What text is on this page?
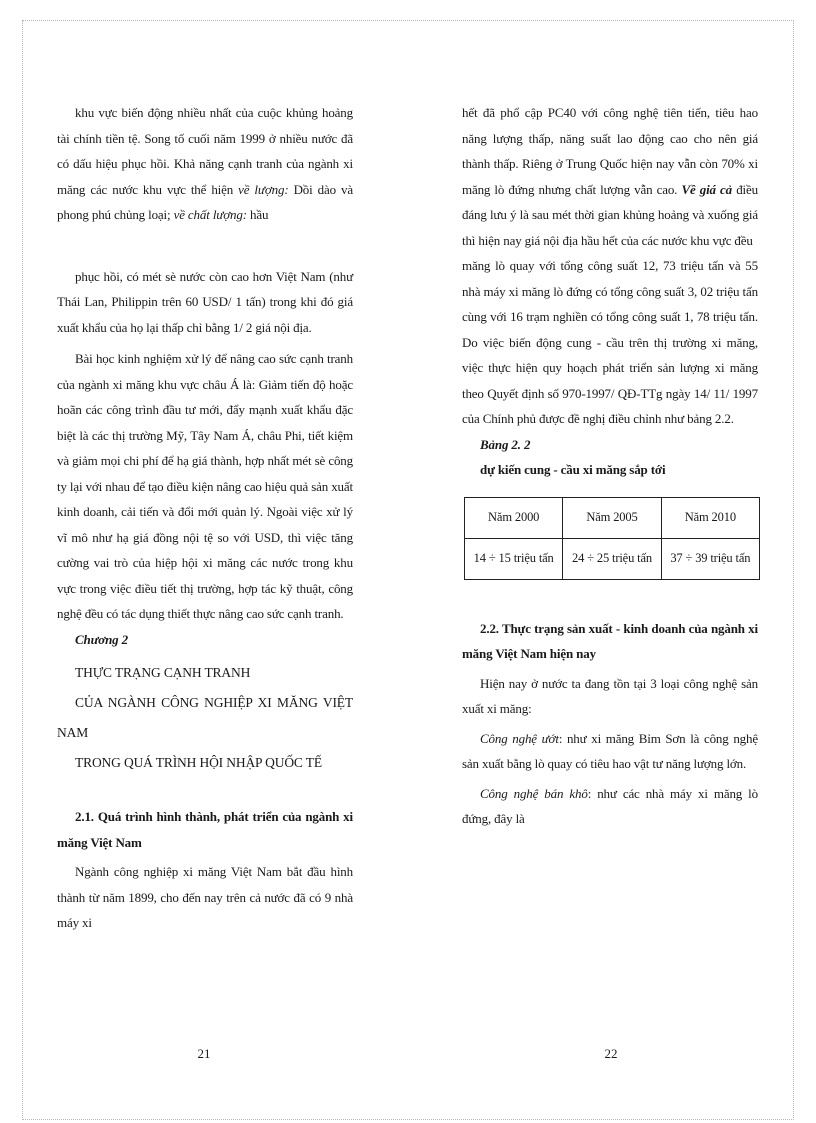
khu vực biến động nhiều nhất của cuộc khủng hoảng tài chính tiền tệ. Song tố cuối năm 1999 ở nhiều nước đã có dấu hiệu phục hồi. Khả năng cạnh tranh của ngành xi măng các nước khu vực thể hiện về lượng: Dồi dào và phong phú chủng loại; về chất lượng: hầu

phục hồi, có mét sè nước còn cao hơn Việt Nam (như Thái Lan, Philippin trên 60 USD/ 1 tấn) trong khi đó giá xuất khẩu của họ lại thấp chỉ bằng 1/ 2 giá nội địa.

Bài học kinh nghiệm xử lý để nâng cao sức cạnh tranh của ngành xi măng khu vực châu Á là: Giảm tiến độ hoặc hoãn các công trình đầu tư mới, đẩy mạnh xuất khẩu đặc biệt là các thị trường Mỹ, Tây Nam Á, châu Phi, tiết kiệm và giảm mọi chi phí để hạ giá thành, hợp nhất mét sè công ty lại với nhau để tạo điều kiện nâng cao hiệu quả sản xuất kinh doanh, cải tiến và đổi mới quản lý. Ngoài việc xử lý vĩ mô như hạ giá đồng nội tệ so với USD, thì việc tăng cường vai trò của hiệp hội xi măng các nước trong khu vực trong việc điều tiết thị trường, hợp tác kỹ thuật, công nghệ đều có tác dụng thiết thực nâng cao sức cạnh tranh.

Chương 2

THỰC TRẠNG CẠNH TRANH

CỦA NGÀNH CÔNG NGHIỆP XI MĂNG VIỆT NAM

TRONG QUÁ TRÌNH HỘI NHẬP QUỐC TẾ

2.1. Quá trình hình thành, phát triển của ngành xi măng Việt Nam

Ngành công nghiệp xi măng Việt Nam bắt đầu hình thành từ năm 1899, cho đến nay trên cả nước đã có 9 nhà máy xi

21

hết đã phổ cập PC40 với công nghệ tiên tiến, tiêu hao năng lượng thấp, năng suất lao động cao cho nên giá thành thấp. Riêng ở Trung Quốc hiện nay vẫn còn 70% xi măng lò đứng nhưng chất lượng vẫn cao. Về giá cả điều đáng lưu ý là sau mét thời gian khủng hoảng và xuống giá thì hiện nay giá nội địa hầu hết của các nước khu vực đều

măng lò quay với tổng công suất 12, 73 triệu tấn và 55 nhà máy xi măng lò đứng có tổng công suất 3, 02 triệu tấn cùng với 16 trạm nghiền có tổng công suất 1, 78 triệu tấn. Do việc biến động cung - cầu trên thị trường xi măng, việc thực hiện quy hoạch phát triển sản lượng xi măng theo Quyết định số 970-1997/ QĐ-TTg ngày 14/ 11/ 1997 của Chính phủ được đề nghị điều chỉnh như bảng 2.2.

Bảng 2. 2

dự kiến cung - cầu xi măng sắp tới

Năm 2000	Năm 2005	Năm 2010
14 ÷ 15 triệu tấn	24 ÷ 25 triệu tấn	37 ÷ 39 triệu tấn

2.2. Thực trạng sản xuất - kinh doanh của ngành xi măng Việt Nam hiện nay

Hiện nay ở nước ta đang tồn tại 3 loại công nghệ sản xuất xi măng:

Công nghệ ướt: như xi măng Bỉm Sơn là công nghệ sản xuất bằng lò quay có tiêu hao vật tư năng lượng lớn.

Công nghệ bán khô: như các nhà máy xi măng lò đứng, đây là

22
